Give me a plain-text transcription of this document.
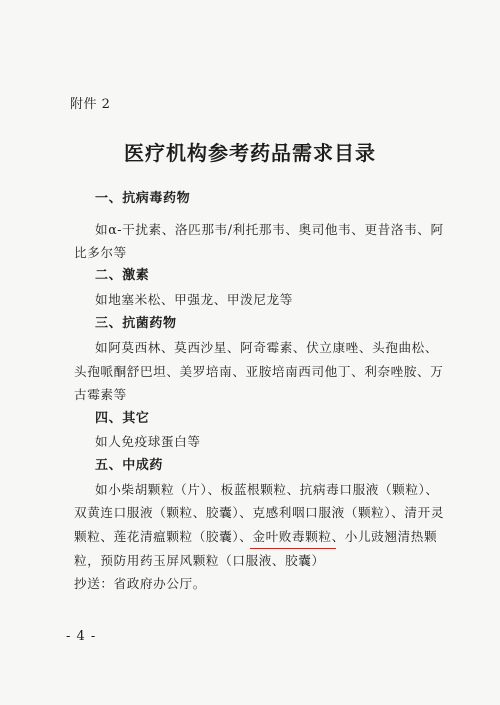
附件 2
医疗机构参考药品需求目录
一、抗病毒药物
如α-干扰素、洛匹那韦/利托那韦、奥司他韦、更昔洛韦、阿
比多尔等
二、激素
如地塞米松、甲强龙、甲泼尼龙等
三、抗菌药物
如阿莫西林、莫西沙星、阿奇霉素、伏立康唑、头孢曲松、
头孢哌酮舒巴坦、美罗培南、亚胺培南西司他丁、利奈唑胺、万
古霉素等
四、其它
如人免疫球蛋白等
五、中成药
如小柴胡颗粒（片）、板蓝根颗粒、抗病毒口服液（颗粒）、
双黄连口服液（颗粒、胶囊）、克感利咽口服液（颗粒）、清开灵
颗粒、莲花清瘟颗粒（胶囊）、金叶败毒颗粒、小儿豉翘清热颗
粒，预防用药玉屏风颗粒（口服液、胶囊）
抄送：省政府办公厅。
- 4 -
